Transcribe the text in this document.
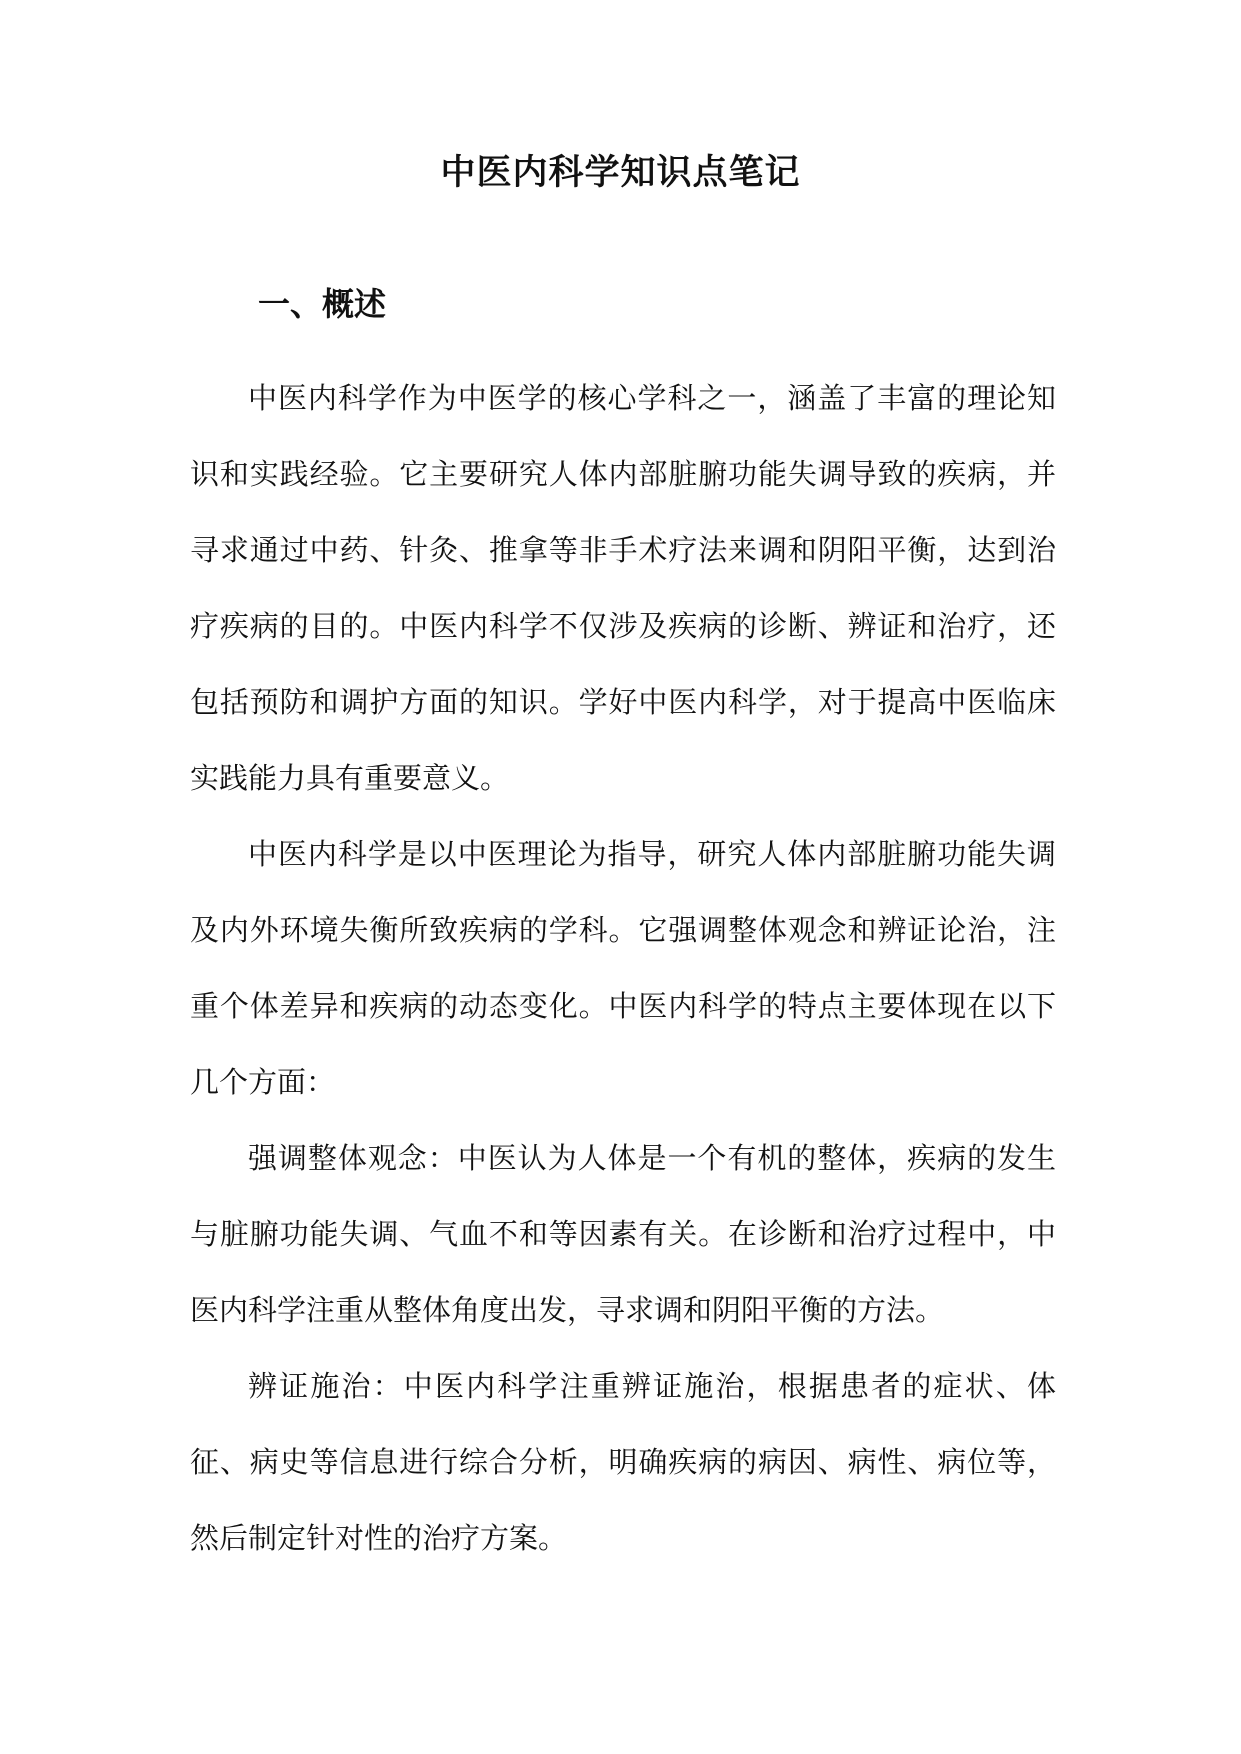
中医内科学知识点笔记
一、概述

中医内科学作为中医学的核心学科之一，涵盖了丰富的理论知识和实践经验。它主要研究人体内部脏腑功能失调导致的疾病，并寻求通过中药、针灸、推拿等非手术疗法来调和阴阳平衡，达到治疗疾病的目的。中医内科学不仅涉及疾病的诊断、辨证和治疗，还包括预防和调护方面的知识。学好中医内科学，对于提高中医临床实践能力具有重要意义。

中医内科学是以中医理论为指导，研究人体内部脏腑功能失调及内外环境失衡所致疾病的学科。它强调整体观念和辨证论治，注重个体差异和疾病的动态变化。中医内科学的特点主要体现在以下几个方面：

强调整体观念：中医认为人体是一个有机的整体，疾病的发生与脏腑功能失调、气血不和等因素有关。在诊断和治疗过程中，中医内科学注重从整体角度出发，寻求调和阴阳平衡的方法。

辨证施治：中医内科学注重辨证施治，根据患者的症状、体征、病史等信息进行综合分析，明确疾病的病因、病性、病位等，然后制定针对性的治疗方案。
